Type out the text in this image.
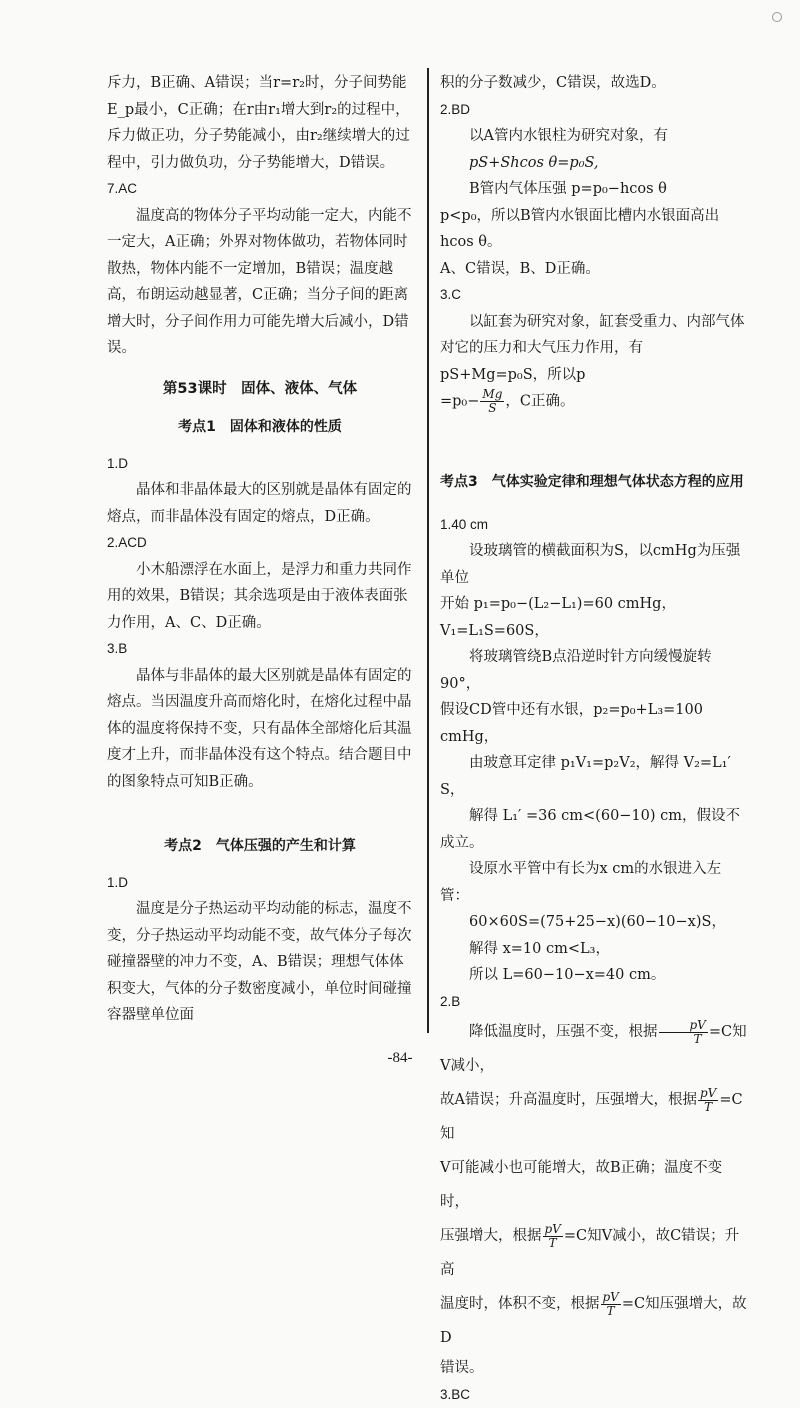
斥力，B正确、A错误；当r=r₂时，分子间势能E_p最小，C正确；在r由r₁增大到r₂的过程中，斥力做正功，分子势能减小，由r₂继续增大的过程中，引力做负功，分子势能增大，D错误。

7.AC

温度高的物体分子平均动能一定大，内能不一定大，A正确；外界对物体做功，若物体同时散热，物体内能不一定增加，B错误；温度越高，布朗运动越显著，C正确；当分子间的距离增大时，分子间作用力可能先增大后减小，D错误。

第53课时　固体、液体、气体
考点1　固体和液体的性质

1.D

晶体和非晶体最大的区别就是晶体有固定的熔点，而非晶体没有固定的熔点，D正确。

2.ACD

小木船漂浮在水面上，是浮力和重力共同作用的效果，B错误；其余选项是由于液体表面张力作用，A、C、D正确。

3.B

晶体与非晶体的最大区别就是晶体有固定的熔点。当因温度升高而熔化时，在熔化过程中晶体的温度将保持不变，只有晶体全部熔化后其温度才上升，而非晶体没有这个特点。结合题目中的图象特点可知B正确。

考点2　气体压强的产生和计算

1.D

温度是分子热运动平均动能的标志，温度不变，分子热运动平均动能不变，故气体分子每次碰撞器壁的冲力不变，A、B错误；理想气体体积变大，气体的分子数密度减小，单位时间碰撞容器壁单位面

积的分子数减少，C错误，故选D。

2.BD

以A管内水银柱为研究对象，有

pS+Shcos θ=p₀S,

B管内气体压强 p=p₀−hcos θ

p<p₀，所以B管内水银面比槽内水银面高出hcos θ。

A、C错误，B、D正确。

3.C

以缸套为研究对象，缸套受重力、内部气体对它的压力和大气压力作用，有pS+Mg=p₀S，所以p

$=p_0- \frac{Mg}{S}$ ，C正确。

考点3　气体实验定律和理想气体状态方程的应用

1.40 cm

设玻璃管的横截面积为S，以cmHg为压强单位

开始 p₁=p₀−(L₂−L₁)=60 cmHg，V₁=L₁S=60S，

将玻璃管绕B点沿逆时针方向缓慢旋转90°，

假设CD管中还有水银，p₂=p₀+L₃=100 cmHg，

由玻意耳定律 p₁V₁=p₂V₂，解得 V₂=L₁′ S，

解得 L₁′ =36 cm<(60−10) cm，假设不成立。

设原水平管中有长为x cm的水银进入左管：

60×60S=(75+25−x)(60−10−x)S，

解得 x=10 cm<L₃，

所以 L=60−10−x=40 cm。

2.B

降低温度时，压强不变，根据 $\frac{pV}{T} =C$知V减小，

故A错误；升高温度时，压强增大，根据 $\frac{pV}{T} =C$知

V可能减小也可能增大，故B正确；温度不变时，

压强增大，根据 $\frac{pV}{T} =C$知V减小，故C错误；升高

温度时，体积不变，根据 $\frac{pV}{T} =C$知压强增大，故D

错误。

3.BC

-84-
